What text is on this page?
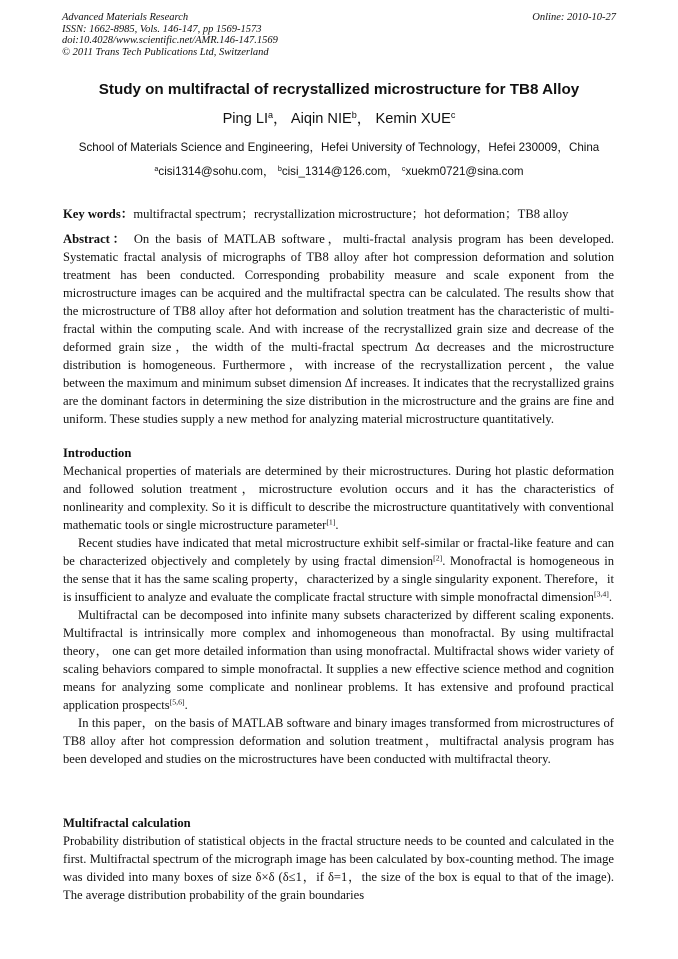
Advanced Materials Research
ISSN: 1662-8985, Vols. 146-147, pp 1569-1573
doi:10.4028/www.scientific.net/AMR.146-147.1569
© 2011 Trans Tech Publications Ltd, Switzerland
Online: 2010-10-27
Study on multifractal of recrystallized microstructure for TB8 Alloy
Ping $LI^a$， Aiqin NIE$^b$， Kemin XUE$^c$
School of Materials Science and Engineering，Hefei University of Technology，Hefei 230009，China
$^a$cisi1314@sohu.com， $^b$cisi_1314@126.com， $^c$xuekm0721@sina.com
Key words：multifractal spectrum；recrystallization microstructure；hot deformation；TB8 alloy
Abstract： On the basis of MATLAB software，multi-fractal analysis program has been developed. Systematic fractal analysis of micrographs of TB8 alloy after hot compression deformation and solution treatment has been conducted. Corresponding probability measure and scale exponent from the microstructure images can be acquired and the multifractal spectra can be calculated. The results show that the microstructure of TB8 alloy after hot deformation and solution treatment has the characteristic of multi-fractal within the computing scale. And with increase of the recrystallized grain size and decrease of the deformed grain size，the width of the multi-fractal spectrum Δα decreases and the microstructure distribution is homogeneous. Furthermore，with increase of the recrystallization percent，the value between the maximum and minimum subset dimension Δf increases. It indicates that the recrystallized grains are the dominant factors in determining the size distribution in the microstructure and the grains are fine and uniform. These studies supply a new method for analyzing material microstructure quantitatively.
Introduction

Mechanical properties of materials are determined by their microstructures. During hot plastic deformation and followed solution treatment，microstructure evolution occurs and it has the characteristics of nonlinearity and complexity. So it is difficult to describe the microstructure quantitatively with conventional mathematic tools or single microstructure parameter[1].

Recent studies have indicated that metal microstructure exhibit self-similar or fractal-like feature and can be characterized objectively and completely by using fractal dimension[2]. Monofractal is homogeneous in the sense that it has the same scaling property，characterized by a single singularity exponent. Therefore，it is insufficient to analyze and evaluate the complicate fractal structure with simple monofractal dimension[3,4].

Multifractal can be decomposed into infinite many subsets characterized by different scaling exponents. Multifractal is intrinsically more complex and inhomogeneous than monofractal. By using multifractal theory， one can get more detailed information than using monofractal. Multifractal shows wider variety of scaling behaviors compared to simple monofractal. It supplies a new effective science method and cognition means for analyzing some complicate and nonlinear problems. It has extensive and profound practical application prospects[5,6].

In this paper，on the basis of MATLAB software and binary images transformed from microstructures of TB8 alloy after hot compression deformation and solution treatment，multifractal analysis program has been developed and studies on the microstructures have been conducted with multifractal theory.

Multifractal calculation

Probability distribution of statistical objects in the fractal structure needs to be counted and calculated in the first. Multifractal spectrum of the micrograph image has been calculated by box-counting method. The image was divided into many boxes of size δ×δ (δ≤1，if δ=1，the size of the box is equal to that of the image). The average distribution probability of the grain boundaries
